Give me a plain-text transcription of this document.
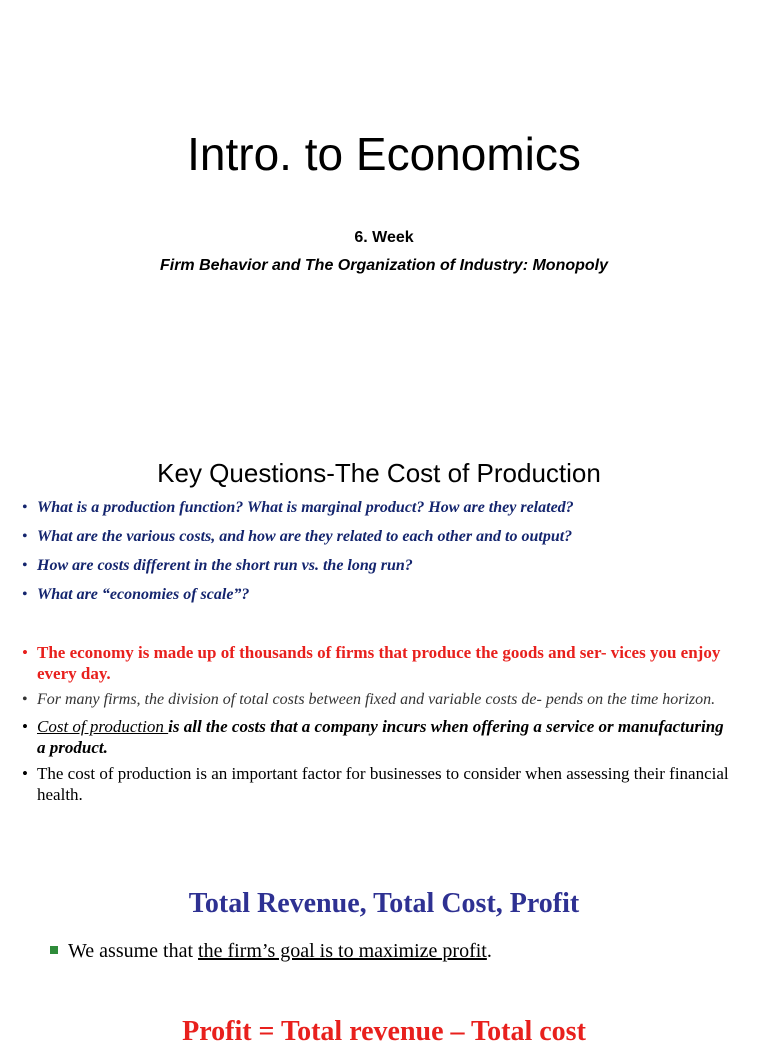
Intro. to Economics
6. Week
Firm Behavior and The Organization of Industry: Monopoly
Key Questions-The Cost of Production
• What is a production function? What is marginal product? How are they related?
• What are the various costs, and how are they related to each other and to output?
• How are costs different in the short run vs. the long run?
• What are “economies of scale”?
• The economy is made up of thousands of firms that produce the goods and ser- vices you enjoy every day.
• For many firms, the division of total costs between fixed and variable costs de- pends on the time horizon.
• Cost of production is all the costs that a company incurs when offering a service or manufacturing a product.
• The cost of production is an important factor for businesses to consider when assessing their financial health.
Total Revenue, Total Cost, Profit
We assume that the firm’s goal is to maximize profit.
Profit = Total revenue – Total cost
